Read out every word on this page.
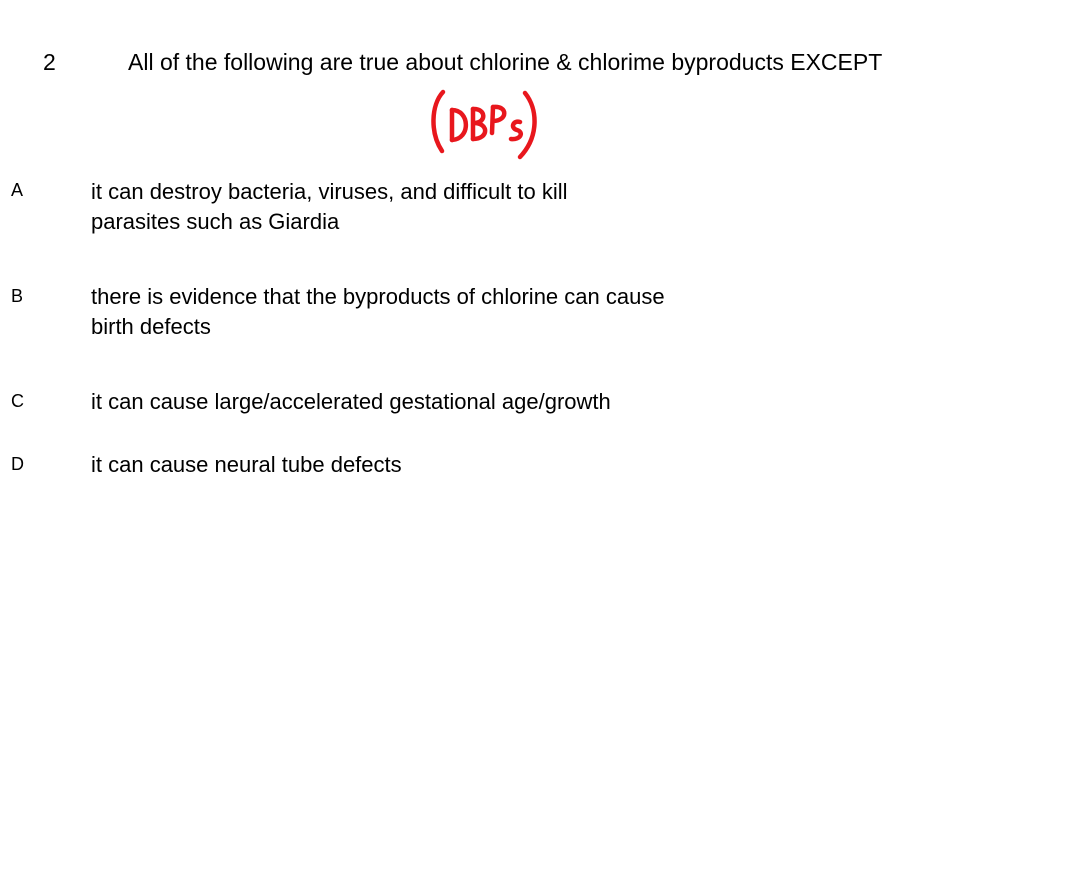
2	All of the following are true about chlorine & chlorime byproducts EXCEPT
A	it can destroy bacteria, viruses, and difficult to kill parasites such as Giardia
B	there is evidence that the byproducts of chlorine can cause birth defects
C	it can cause large/accelerated gestational age/growth
D	it can cause neural tube defects
